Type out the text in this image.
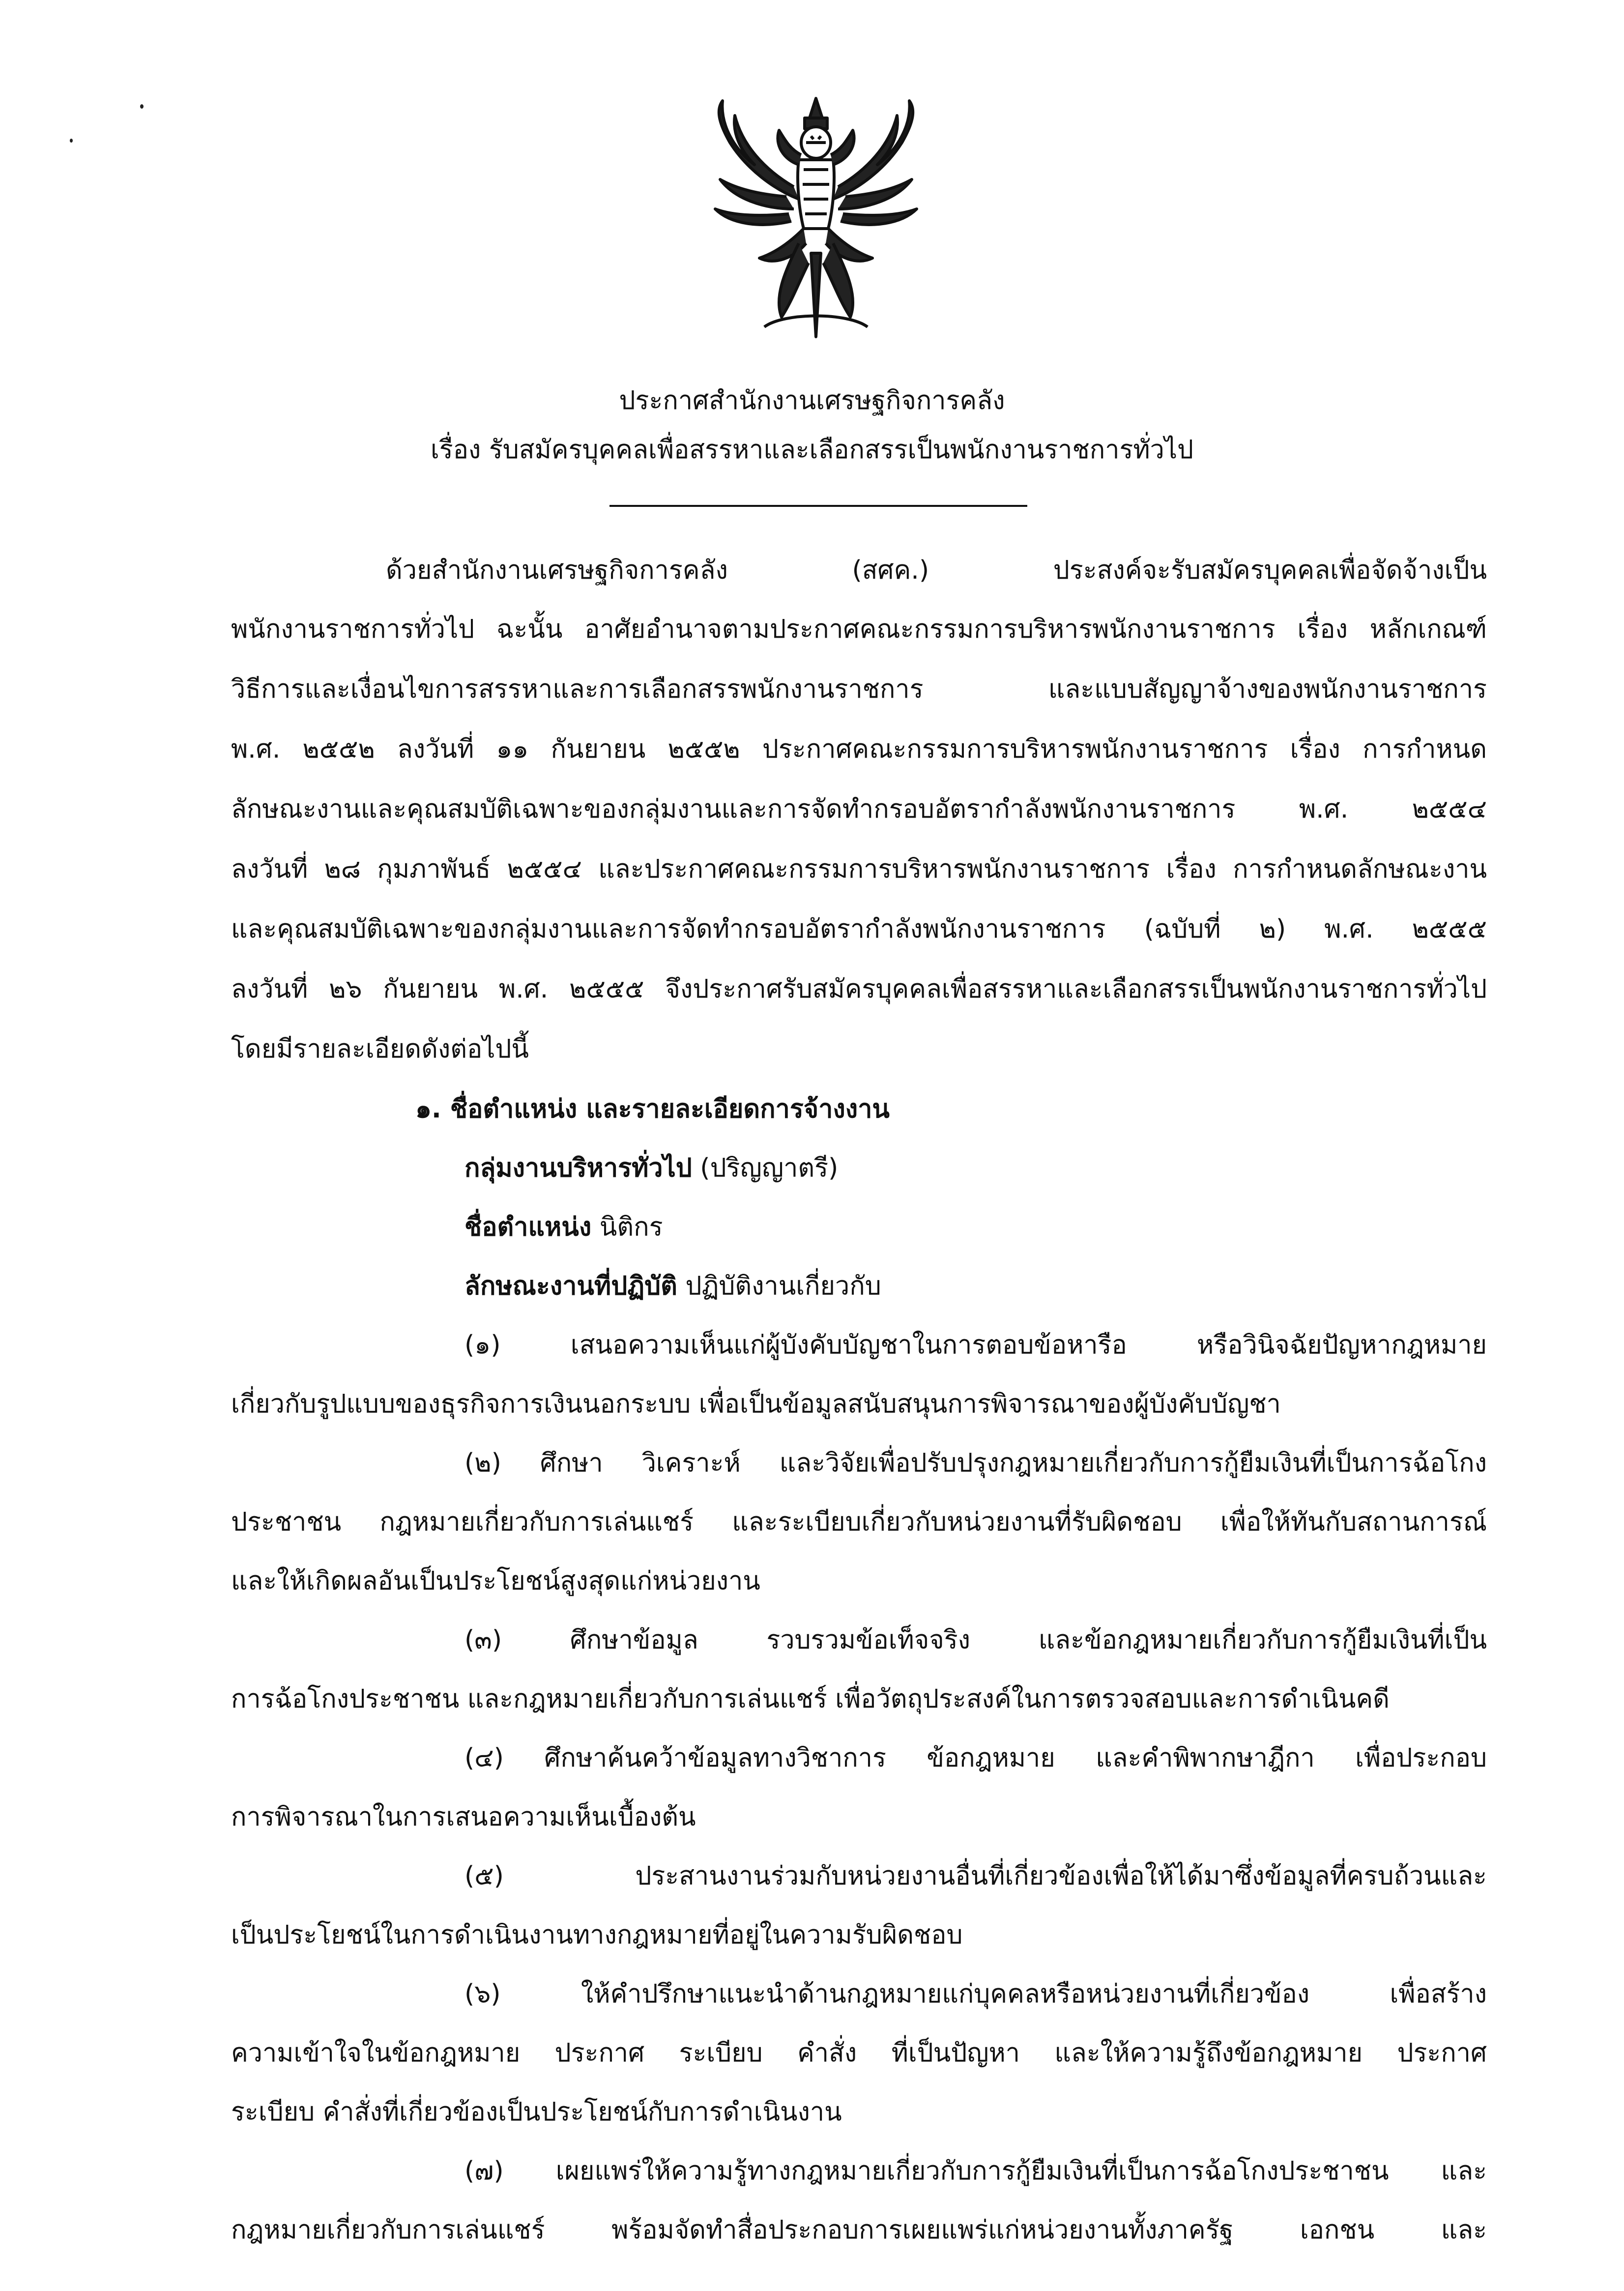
ประกาศสำนักงานเศรษฐกิจการคลัง
เรื่อง รับสมัครบุคคลเพื่อสรรหาและเลือกสรรเป็นพนักงานราชการทั่วไป
ด้วยสำนักงานเศรษฐกิจการคลัง (สศค.) ประสงค์จะรับสมัครบุคคลเพื่อจัดจ้างเป็น
พนักงานราชการทั่วไป ฉะนั้น อาศัยอำนาจตามประกาศคณะกรรมการบริหารพนักงานราชการ เรื่อง หลักเกณฑ์
วิธีการและเงื่อนไขการสรรหาและการเลือกสรรพนักงานราชการ และแบบสัญญาจ้างของพนักงานราชการ
พ.ศ. ๒๕๕๒ ลงวันที่ ๑๑ กันยายน ๒๕๕๒ ประกาศคณะกรรมการบริหารพนักงานราชการ เรื่อง การกำหนด
ลักษณะงานและคุณสมบัติเฉพาะของกลุ่มงานและการจัดทำกรอบอัตรากำลังพนักงานราชการ พ.ศ. ๒๕๕๔
ลงวันที่ ๒๘ กุมภาพันธ์ ๒๕๕๔ และประกาศคณะกรรมการบริหารพนักงานราชการ เรื่อง การกำหนดลักษณะงาน
และคุณสมบัติเฉพาะของกลุ่มงานและการจัดทำกรอบอัตรากำลังพนักงานราชการ (ฉบับที่ ๒) พ.ศ. ๒๕๕๕
ลงวันที่ ๒๖ กันยายน พ.ศ. ๒๕๕๕ จึงประกาศรับสมัครบุคคลเพื่อสรรหาและเลือกสรรเป็นพนักงานราชการทั่วไป
โดยมีรายละเอียดดังต่อไปนี้
๑. ชื่อตำแหน่ง และรายละเอียดการจ้างงาน
กลุ่มงานบริหารทั่วไป (ปริญญาตรี)
ชื่อตำแหน่ง นิติกร
ลักษณะงานที่ปฏิบัติ ปฏิบัติงานเกี่ยวกับ
(๑) เสนอความเห็นแก่ผู้บังคับบัญชาในการตอบข้อหารือ หรือวินิจฉัยปัญหากฎหมาย
เกี่ยวกับรูปแบบของธุรกิจการเงินนอกระบบ เพื่อเป็นข้อมูลสนับสนุนการพิจารณาของผู้บังคับบัญชา
(๒) ศึกษา วิเคราะห์ และวิจัยเพื่อปรับปรุงกฎหมายเกี่ยวกับการกู้ยืมเงินที่เป็นการฉ้อโกง
ประชาชน กฎหมายเกี่ยวกับการเล่นแชร์ และระเบียบเกี่ยวกับหน่วยงานที่รับผิดชอบ เพื่อให้ทันกับสถานการณ์
และให้เกิดผลอันเป็นประโยชน์สูงสุดแก่หน่วยงาน
(๓) ศึกษาข้อมูล รวบรวมข้อเท็จจริง และข้อกฎหมายเกี่ยวกับการกู้ยืมเงินที่เป็น
การฉ้อโกงประชาชน และกฎหมายเกี่ยวกับการเล่นแชร์ เพื่อวัตถุประสงค์ในการตรวจสอบและการดำเนินคดี
(๔) ศึกษาค้นคว้าข้อมูลทางวิชาการ ข้อกฎหมาย และคำพิพากษาฎีกา เพื่อประกอบ
การพิจารณาในการเสนอความเห็นเบื้องต้น
(๕) ประสานงานร่วมกับหน่วยงานอื่นที่เกี่ยวข้องเพื่อให้ได้มาซึ่งข้อมูลที่ครบถ้วนและ
เป็นประโยชน์ในการดำเนินงานทางกฎหมายที่อยู่ในความรับผิดชอบ
(๖) ให้คำปรึกษาแนะนำด้านกฎหมายแก่บุคคลหรือหน่วยงานที่เกี่ยวข้อง เพื่อสร้าง
ความเข้าใจในข้อกฎหมาย ประกาศ ระเบียบ คำสั่ง ที่เป็นปัญหา และให้ความรู้ถึงข้อกฎหมาย ประกาศ
ระเบียบ คำสั่งที่เกี่ยวข้องเป็นประโยชน์กับการดำเนินงาน
(๗) เผยแพร่ให้ความรู้ทางกฎหมายเกี่ยวกับการกู้ยืมเงินที่เป็นการฉ้อโกงประชาชน และ
กฎหมายเกี่ยวกับการเล่นแชร์ พร้อมจัดทำสื่อประกอบการเผยแพร่แก่หน่วยงานทั้งภาครัฐ เอกชน และ
